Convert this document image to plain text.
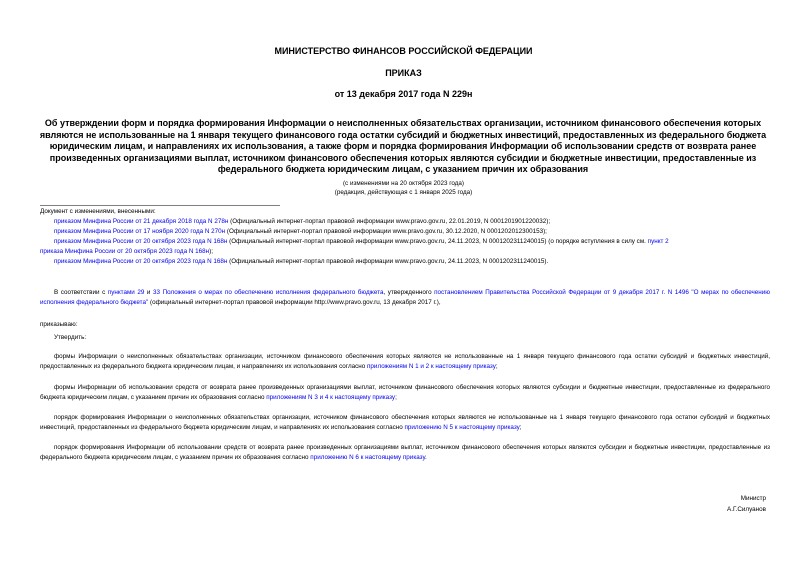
МИНИСТЕРСТВО ФИНАНСОВ РОССИЙСКОЙ ФЕДЕРАЦИИ
ПРИКАЗ
от 13 декабря 2017 года N 229н
Об утверждении форм и порядка формирования Информации о неисполненных обязательствах организации, источником финансового обеспечения которых являются не использованные на 1 января текущего финансового года остатки субсидий и бюджетных инвестиций, предоставленных из федерального бюджета юридическим лицам, и направлениях их использования, а также форм и порядка формирования Информации об использовании средств от возврата ранее произведенных организациями выплат, источником финансового обеспечения которых являются субсидии и бюджетные инвестиции, предоставленные из федерального бюджета юридическим лицам, с указанием причин их образования
(с изменениями на 20 октября 2023 года)
(редакция, действующая с 1 января 2025 года)
Документ с изменениями, внесенными:
приказом Минфина России от 21 декабря 2018 года N 278н (Официальный интернет-портал правовой информации www.pravo.gov.ru, 22.01.2019, N 0001201901220032);
приказом Минфина России от 17 ноября 2020 года N 270н (Официальный интернет-портал правовой информации www.pravo.gov.ru, 30.12.2020, N 0001202012300153);
приказом Минфина России от 20 октября 2023 года N 168н (Официальный интернет-портал правовой информации www.pravo.gov.ru, 24.11.2023, N 0001202311240015) (о порядке вступления в силу см. пункт 2
приказа Минфина России от 20 октября 2023 года N 168н);
приказом Минфина России от 20 октября 2023 года N 168н (Официальный интернет-портал правовой информации www.pravo.gov.ru, 24.11.2023, N 0001202311240015).
В соответствии с пунктами 29 и 33 Положения о мерах по обеспечению исполнения федерального бюджета, утвержденного постановлением Правительства Российской Федерации от 9 декабря 2017 г. N 1496 "О мерах по обеспечению исполнения федерального бюджета" (официальный интернет-портал правовой информации http://www.pravo.gov.ru, 13 декабря 2017 г.),
приказываю:
Утвердить:
формы Информации о неисполненных обязательствах организации, источником финансового обеспечения которых являются не использованные на 1 января текущего финансового года остатки субсидий и бюджетных инвестиций, предоставленных из федерального бюджета юридическим лицам, и направлениях их использования согласно приложениям N 1 и 2 к настоящему приказу;
формы Информации об использовании средств от возврата ранее произведенных организациями выплат, источником финансового обеспечения которых являются субсидии и бюджетные инвестиции, предоставленные из федерального бюджета юридическим лицам, с указанием причин их образования согласно приложениям N 3 и 4 к настоящему приказу;
порядок формирования Информации о неисполненных обязательствах организации, источником финансового обеспечения которых являются не использованные на 1 января текущего финансового года остатки субсидий и бюджетных инвестиций, предоставленных из федерального бюджета юридическим лицам, и направлениях их использования согласно приложению N 5 к настоящему приказу;
порядок формирования Информации об использовании средств от возврата ранее произведенных организациями выплат, источником финансового обеспечения которых являются субсидии и бюджетные инвестиции, предоставленные из федерального бюджета юридическим лицам, с указанием причин их образования согласно приложению N 6 к настоящему приказу.
Министр
А.Г.Силуанов
